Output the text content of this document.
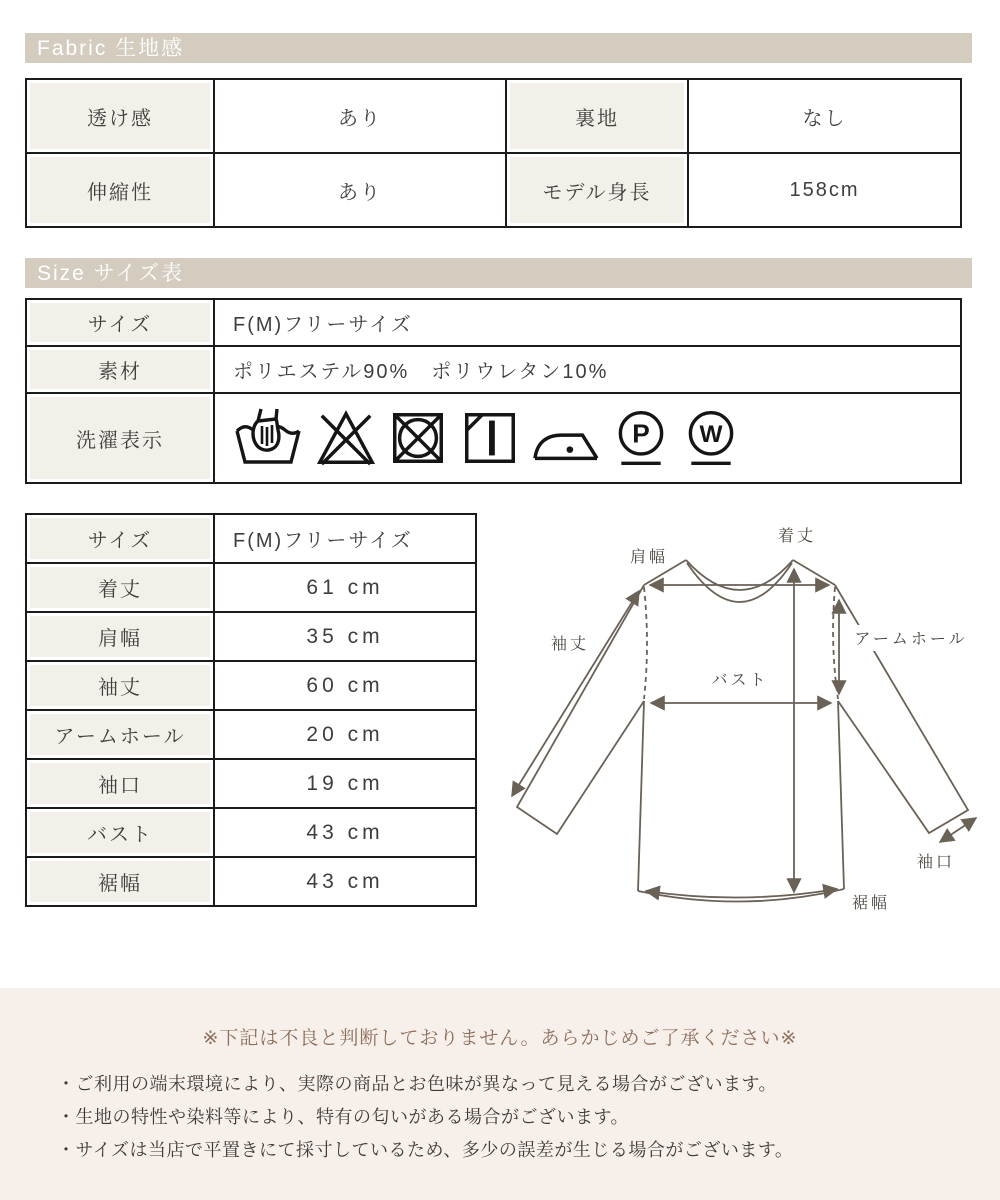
Fabric 生地感
透け感	あり	裏地	なし
伸縮性	あり	モデル身長	158cm
Size サイズ表
サイズ	F(M)フリーサイズ
素材	ポリエステル90%　ポリウレタン10%
洗濯表示	P W
サイズ	F(M)フリーサイズ
着丈	61 cm
肩幅	35 cm
袖丈	60 cm
アームホール	20 cm
袖口	19 cm
バスト	43 cm
裾幅	43 cm
肩幅
着丈
袖丈	アームホール
バスト
袖口
裾幅
※下記は不良と判断しておりません。あらかじめご了承ください※
・ご利用の端末環境により、実際の商品とお色味が異なって見える場合がございます。
・生地の特性や染料等により、特有の匂いがある場合がございます。
・サイズは当店で平置きにて採寸しているため、多少の誤差が生じる場合がございます。
